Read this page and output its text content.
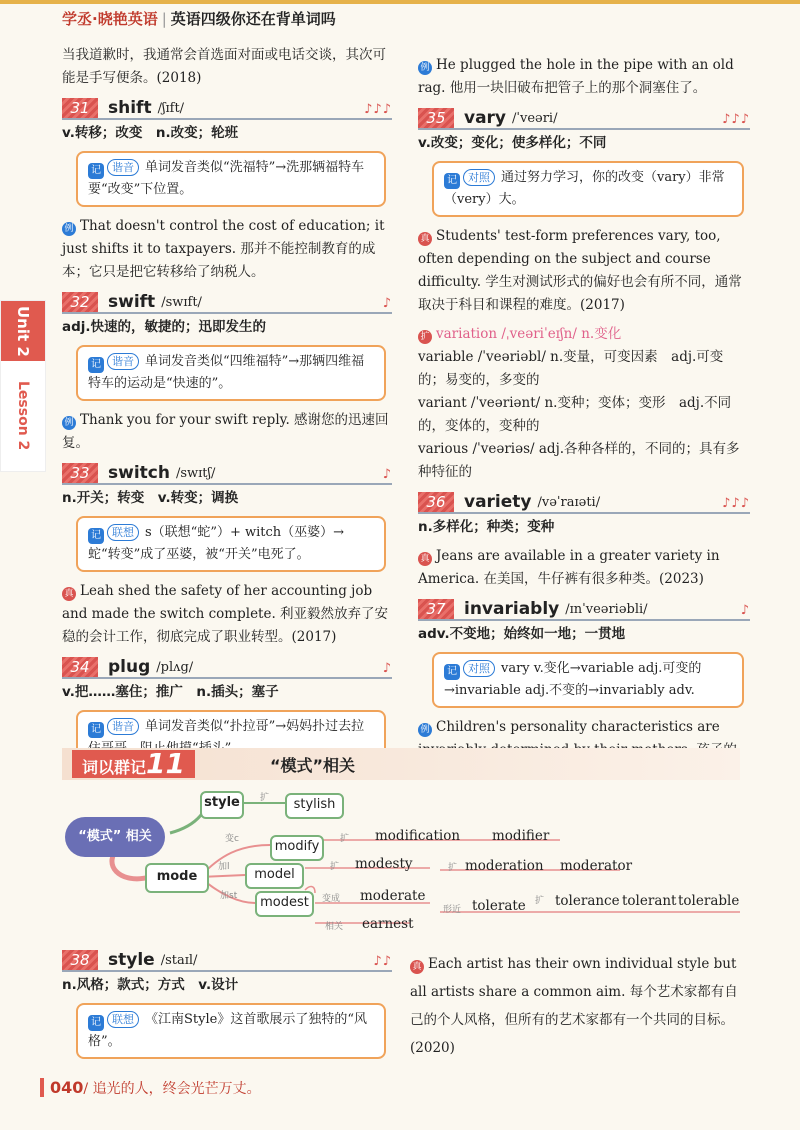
学丞·晓艳英语 | 英语四级你还在背单词吗
Unit 2
Lesson 2
当我道歉时，我通常会首选面对面或电话交谈，其次可能是手写便条。(2018)
31	shift /ʃɪft/	♪♪♪
v.转移；改变　n.改变；轮班
记 谐音 单词发音类似“洗福特”→洗那辆福特车要“改变”下位置。
例 That doesn't control the cost of education; it just shifts it to taxpayers. 那并不能控制教育的成本；它只是把它转移给了纳税人。
32	swift /swɪft/	♪
adj.快速的，敏捷的；迅即发生的
记 谐音 单词发音类似“四维福特”→那辆四维福特车的运动是“快速的”。
例 Thank you for your swift reply. 感谢您的迅速回复。
33	switch /swɪtʃ/	♪
n.开关；转变　v.转变；调换
记 联想 s（联想“蛇”）+ witch（巫婆）→蛇“转变”成了巫婆，被“开关”电死了。
真 Leah shed the safety of her accounting job and made the switch complete. 利亚毅然放弃了安稳的会计工作，彻底完成了职业转型。(2017)
34	plug /plʌg/	♪
v.把……塞住；推广　n.插头；塞子
记 谐音 单词发音类似“扑拉哥”→妈妈扑过去拉
例 He plugged the hole in the pipe with an old rag. 他用一块旧破布把管子上的那个洞塞住了。
35	vary /ˈveəri/	♪♪♪
v.改变；变化；使多样化；不同
记 对照 通过努力学习，你的改变（vary）非常（very）大。
真 Students' test-form preferences vary, too, often depending on the subject and course difficulty. 学生对测试形式的偏好也会有所不同，通常取决于科目和课程的难度。(2017)
扩 variation /ˌveəriˈeɪʃn/ n.变化
variable /ˈveəriəbl/ n.变量，可变因素　adj.可变的；易变的，多变的
variant /ˈveəriənt/ n.变种；变体；变形　adj.不同的，变体的，变种的
various /ˈveəriəs/ adj.各种各样的，不同的；具有多种特征的
36	variety /vəˈraɪəti/	♪♪♪
n.多样化；种类；变种
真 Jeans are available in a greater variety in America. 在美国，牛仔裤有很多种类。(2023)
37	invariably /ɪnˈveəriəbli/	♪
adv.不变地；始终如一地；一贯地
记 对照 vary v.变化→variable adj.可变的→invariable adj.不变的→invariably adv.
例 Children's personality characteristics are
词以群记11	“模式”相关
“模式” 相关
mode
style	stylish
modify
model
modest
modification modifier
modesty	moderation moderator
moderate
earnest
tolerate tolerance tolerant tolerable
扩
扩
扩	扩
扩
变c
加l
加st	变成
相关
形近
38	style /staɪl/	♪♪
n.风格；款式；方式　v.设计
记 联想 《江南Style》这首歌展示了独特的“风格”。
真 Each artist has their own individual style but all artists share a common aim. 每个艺术家都有自己的个人风格，但所有的艺术家都有一个共同的目标。(2020)
040/ 追光的人，终会光芒万丈。
